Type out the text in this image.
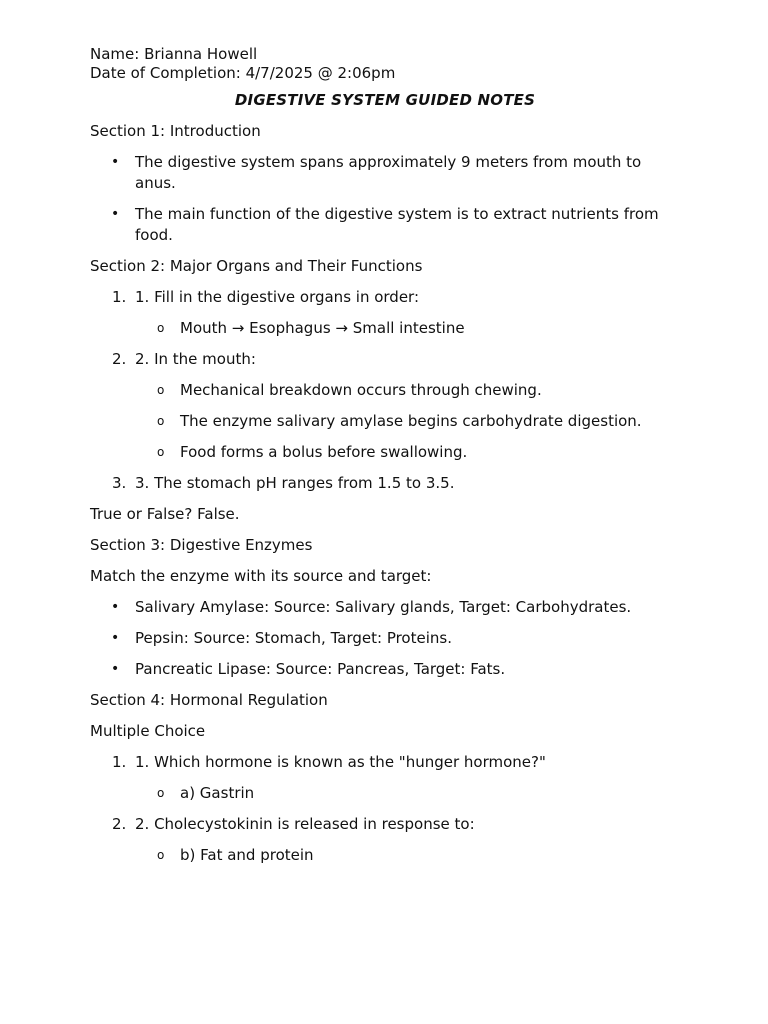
Name: Brianna Howell

Date of Completion: 4/7/2025 @ 2:06pm

DIGESTIVE SYSTEM GUIDED NOTES

Section 1: Introduction

•	The digestive system spans approximately 9 meters from mouth to anus.
•	The main function of the digestive system is to extract nutrients from food.

Section 2: Major Organs and Their Functions

1. 1. Fill in the digestive organs in order:
o Mouth → Esophagus → Small intestine
2. 2. In the mouth:
o Mechanical breakdown occurs through chewing.
o The enzyme salivary amylase begins carbohydrate digestion.
o Food forms a bolus before swallowing.
3. 3. The stomach pH ranges from 1.5 to 3.5.

True or False? False.

Section 3: Digestive Enzymes

Match the enzyme with its source and target:

•	Salivary Amylase: Source: Salivary glands, Target: Carbohydrates.
•	Pepsin: Source: Stomach, Target: Proteins.
•	Pancreatic Lipase: Source: Pancreas, Target: Fats.

Section 4: Hormonal Regulation

Multiple Choice

1. 1. Which hormone is known as the "hunger hormone?"
o a) Gastrin
2. 2. Cholecystokinin is released in response to:
o b) Fat and protein
